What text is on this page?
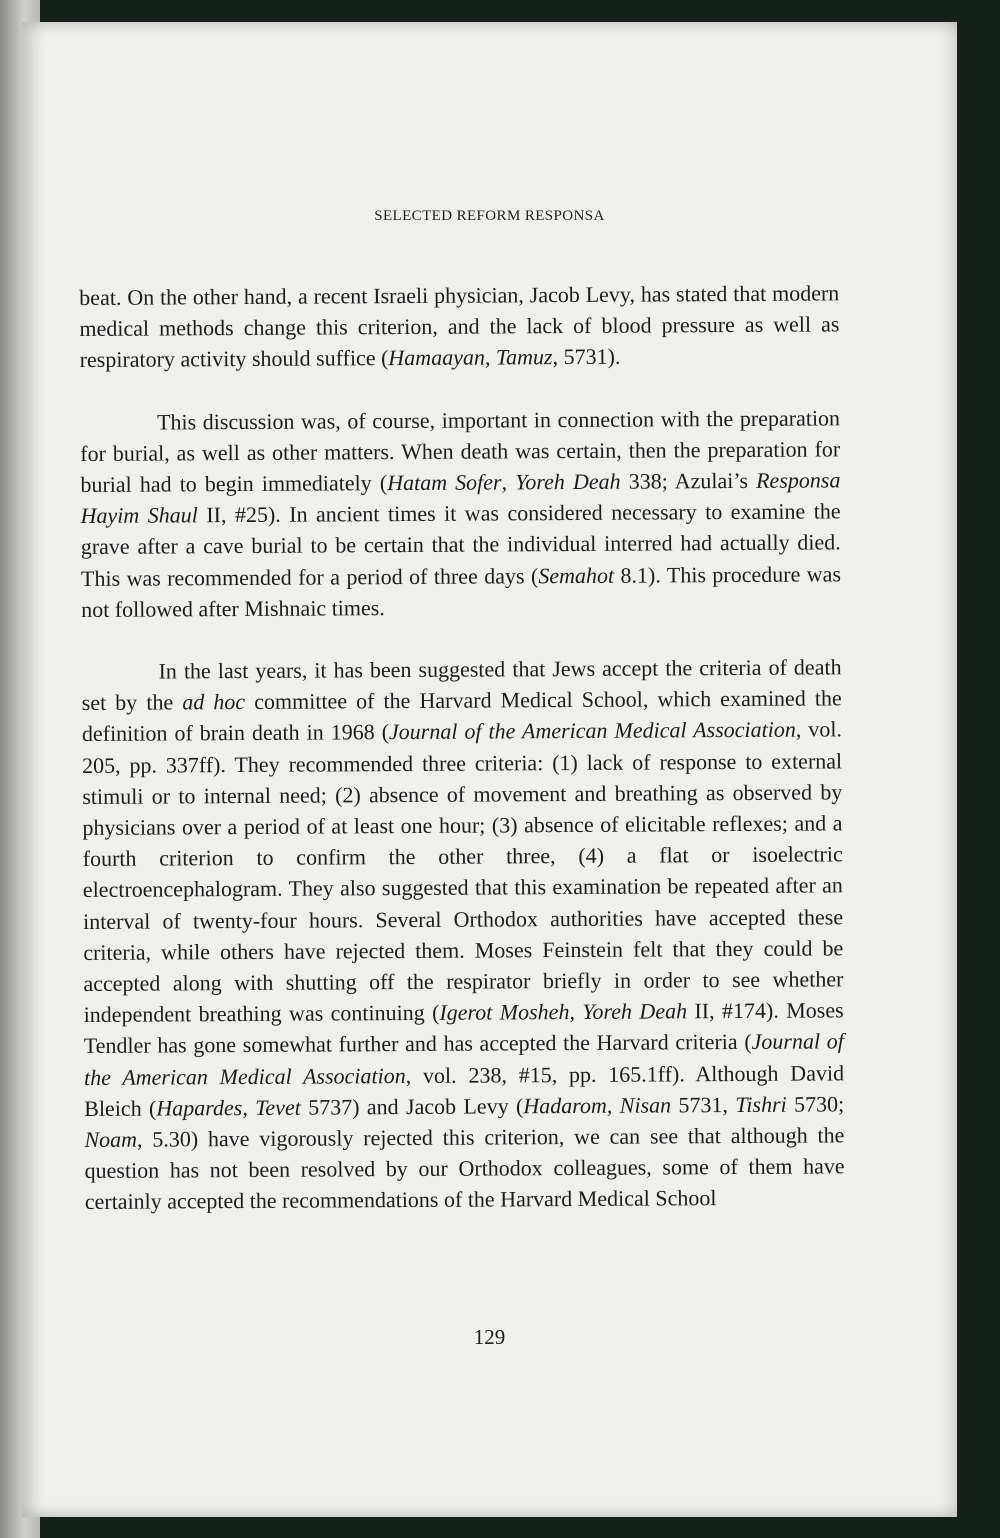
SELECTED REFORM RESPONSA

beat. On the other hand, a recent Israeli physician, Jacob Levy, has stated that modern medical methods change this criterion, and the lack of blood pressure as well as respiratory activity should suffice (Hamaayan, Tamuz, 5731).

This discussion was, of course, important in connection with the preparation for burial, as well as other matters. When death was certain, then the preparation for burial had to begin immediately (Hatam Sofer, Yoreh Deah 338; Azulai’s Responsa Hayim Shaul II, #25). In ancient times it was considered necessary to examine the grave after a cave burial to be certain that the individual interred had actually died. This was recommended for a period of three days (Semahot 8.1). This procedure was not followed after Mishnaic times.

In the last years, it has been suggested that Jews accept the criteria of death set by the ad hoc committee of the Harvard Medical School, which examined the definition of brain death in 1968 (Journal of the American Medical Association, vol. 205, pp. 337ff). They recommended three criteria: (1) lack of response to external stimuli or to internal need; (2) absence of movement and breathing as observed by physicians over a period of at least one hour; (3) absence of elicitable reflexes; and a fourth criterion to confirm the other three, (4) a flat or isoelectric electroencephalogram. They also suggested that this examination be repeated after an interval of twenty-four hours. Several Orthodox authorities have accepted these criteria, while others have rejected them. Moses Feinstein felt that they could be accepted along with shutting off the respirator briefly in order to see whether independent breathing was continuing (Igerot Mosheh, Yoreh Deah II, #174). Moses Tendler has gone somewhat further and has accepted the Harvard criteria (Journal of the American Medical Association, vol. 238, #15, pp. 165.1ff). Although David Bleich (Hapardes, Tevet 5737) and Jacob Levy (Hadarom, Nisan 5731, Tishri 5730; Noam, 5.30) have vigorously rejected this criterion, we can see that although the question has not been resolved by our Orthodox colleagues, some of them have certainly accepted the recommendations of the Harvard Medical School

129
